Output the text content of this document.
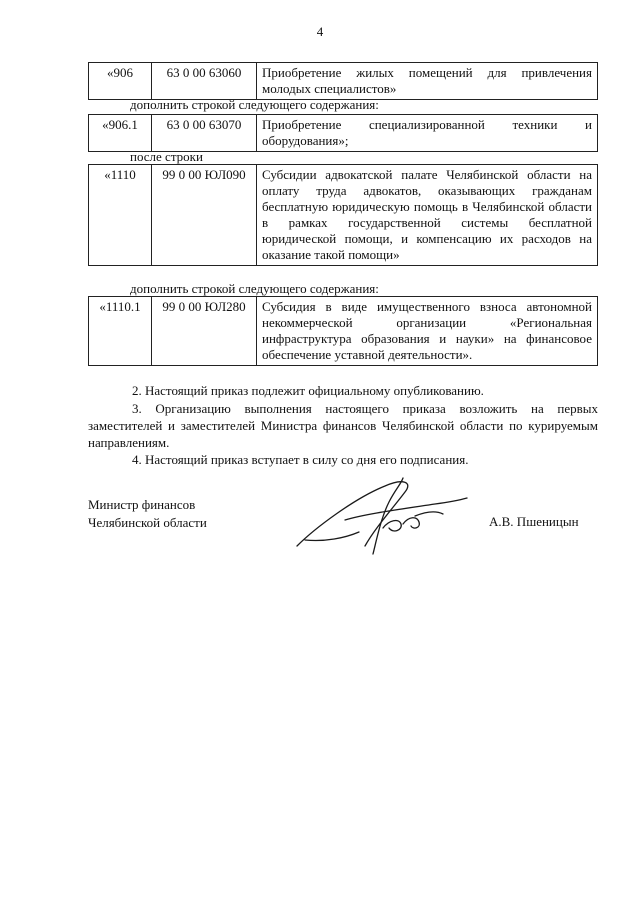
4
«906	63 0 00 63060	Приобретение жилых помещений для привлечения молодых специалистов»
дополнить строкой следующего содержания:
«906.1	63 0 00 63070	Приобретение специализированной техники и оборудования»;
после строки
«1110	99 0 00 ЮЛ090	Субсидии адвокатской палате Челябинской области на оплату труда адвокатов, оказывающих гражданам бесплатную юридическую помощь в Челябинской области в рамках государственной системы бесплатной юридической помощи, и компенсацию их расходов на оказание такой помощи»
дополнить строкой следующего содержания:
«1110.1	99 0 00 ЮЛ280	Субсидия в виде имущественного взноса автономной некоммерческой организации «Региональная инфраструктура образования и науки» на финансовое обеспечение уставной деятельности».

2. Настоящий приказ подлежит официальному опубликованию.

3. Организацию выполнения настоящего приказа возложить на первых заместителей и заместителей Министра финансов Челябинской области по курируемым направлениям.

4. Настоящий приказ вступает в силу со дня его подписания.

Министр финансов
Челябинской области	А.В. Пшеницын
